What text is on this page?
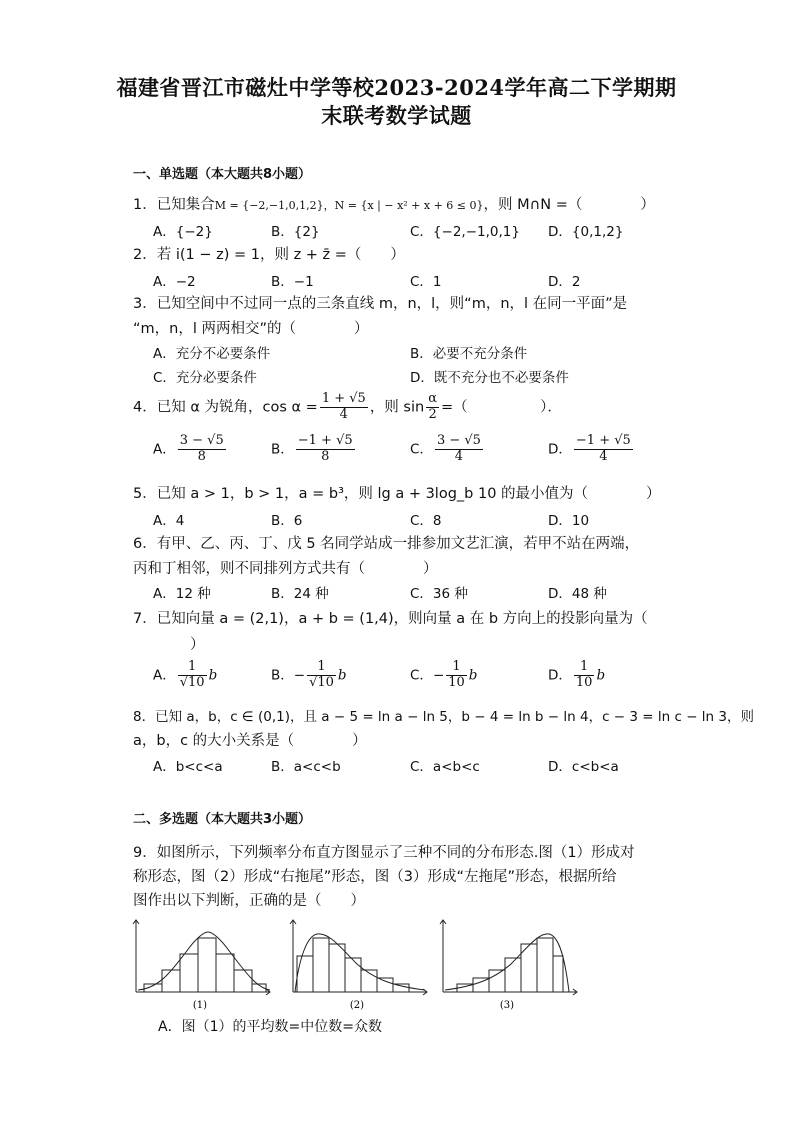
福建省晋江市磁灶中学等校2023-2024学年高二下学期期
末联考数学试题
一、单选题（本大题共8小题）
1．已知集合M = {−2,−1,0,1,2}，N = {x | − x² + x + 6 ≤ 0}，则 M∩N =（　　　　）
A．{−2}	B．{2}	C．{−2,−1,0,1} D．{0,1,2}
2．若 i(1 − z) = 1，则 z + z̄ =（　　）
A．−2	B．−1	C．1	D．2
3．已知空间中不过同一点的三条直线 m，n，l，则“m，n，l 在同一平面”是
“m，n，l 两两相交”的（　　　　）
A．充分不必要条件	B．必要不充分条件
C．充分必要条件	D．既不充分也不必要条件
4．已知 α 为锐角，$\cos \alpha = \frac{1 + √5}{4}$ ，则 $\sin \frac{\alpha}{2}$ =（　　　　　）．
A． $\frac{3 - √5}{8}$	B． $\frac{-1 + √5}{8}$	C． $\frac{3 - √5}{4}$	D． $\frac{-1 + √5}{4}$
5．已知 a > 1，b > 1，a = b³，则 lg a + 3log_b 10 的最小值为（　　　　）
A．4	B．6	C．8	D．10
6．有甲、乙、丙、丁、戊 5 名同学站成一排参加文艺汇演，若甲不站在两端，
丙和丁相邻，则不同排列方式共有（　　　　）
A．12 种	B．24 种	C．36 种	D．48 种
7．已知向量 a = (2,1)，a + b = (1,4)，则向量 a 在 b 方向上的投影向量为（
）
A． $\frac{1}{√10}$ b	B．− $\frac{1}{√10}$ b	C．− $\frac{1}{10}$ b	D． $\frac{1}{10}$ b
8．已知 a，b，c ∈ (0,1)，且 a − 5 = ln a − ln 5，b − 4 = ln b − ln 4，c − 3 = ln c − ln 3，则
a，b，c 的大小关系是（　　　　）
A．b<c<a	B．a<c<b	C．a<b<c	D．c<b<a
二、多选题（本大题共3小题）
9．如图所示，下列频率分布直方图显示了三种不同的分布形态.图（1）形成对
称形态，图（2）形成“右拖尾”形态，图（3）形成“左拖尾”形态，根据所给
图作出以下判断，正确的是（　　）
(1)	(2)	(3)
A．图（1）的平均数=中位数=众数
